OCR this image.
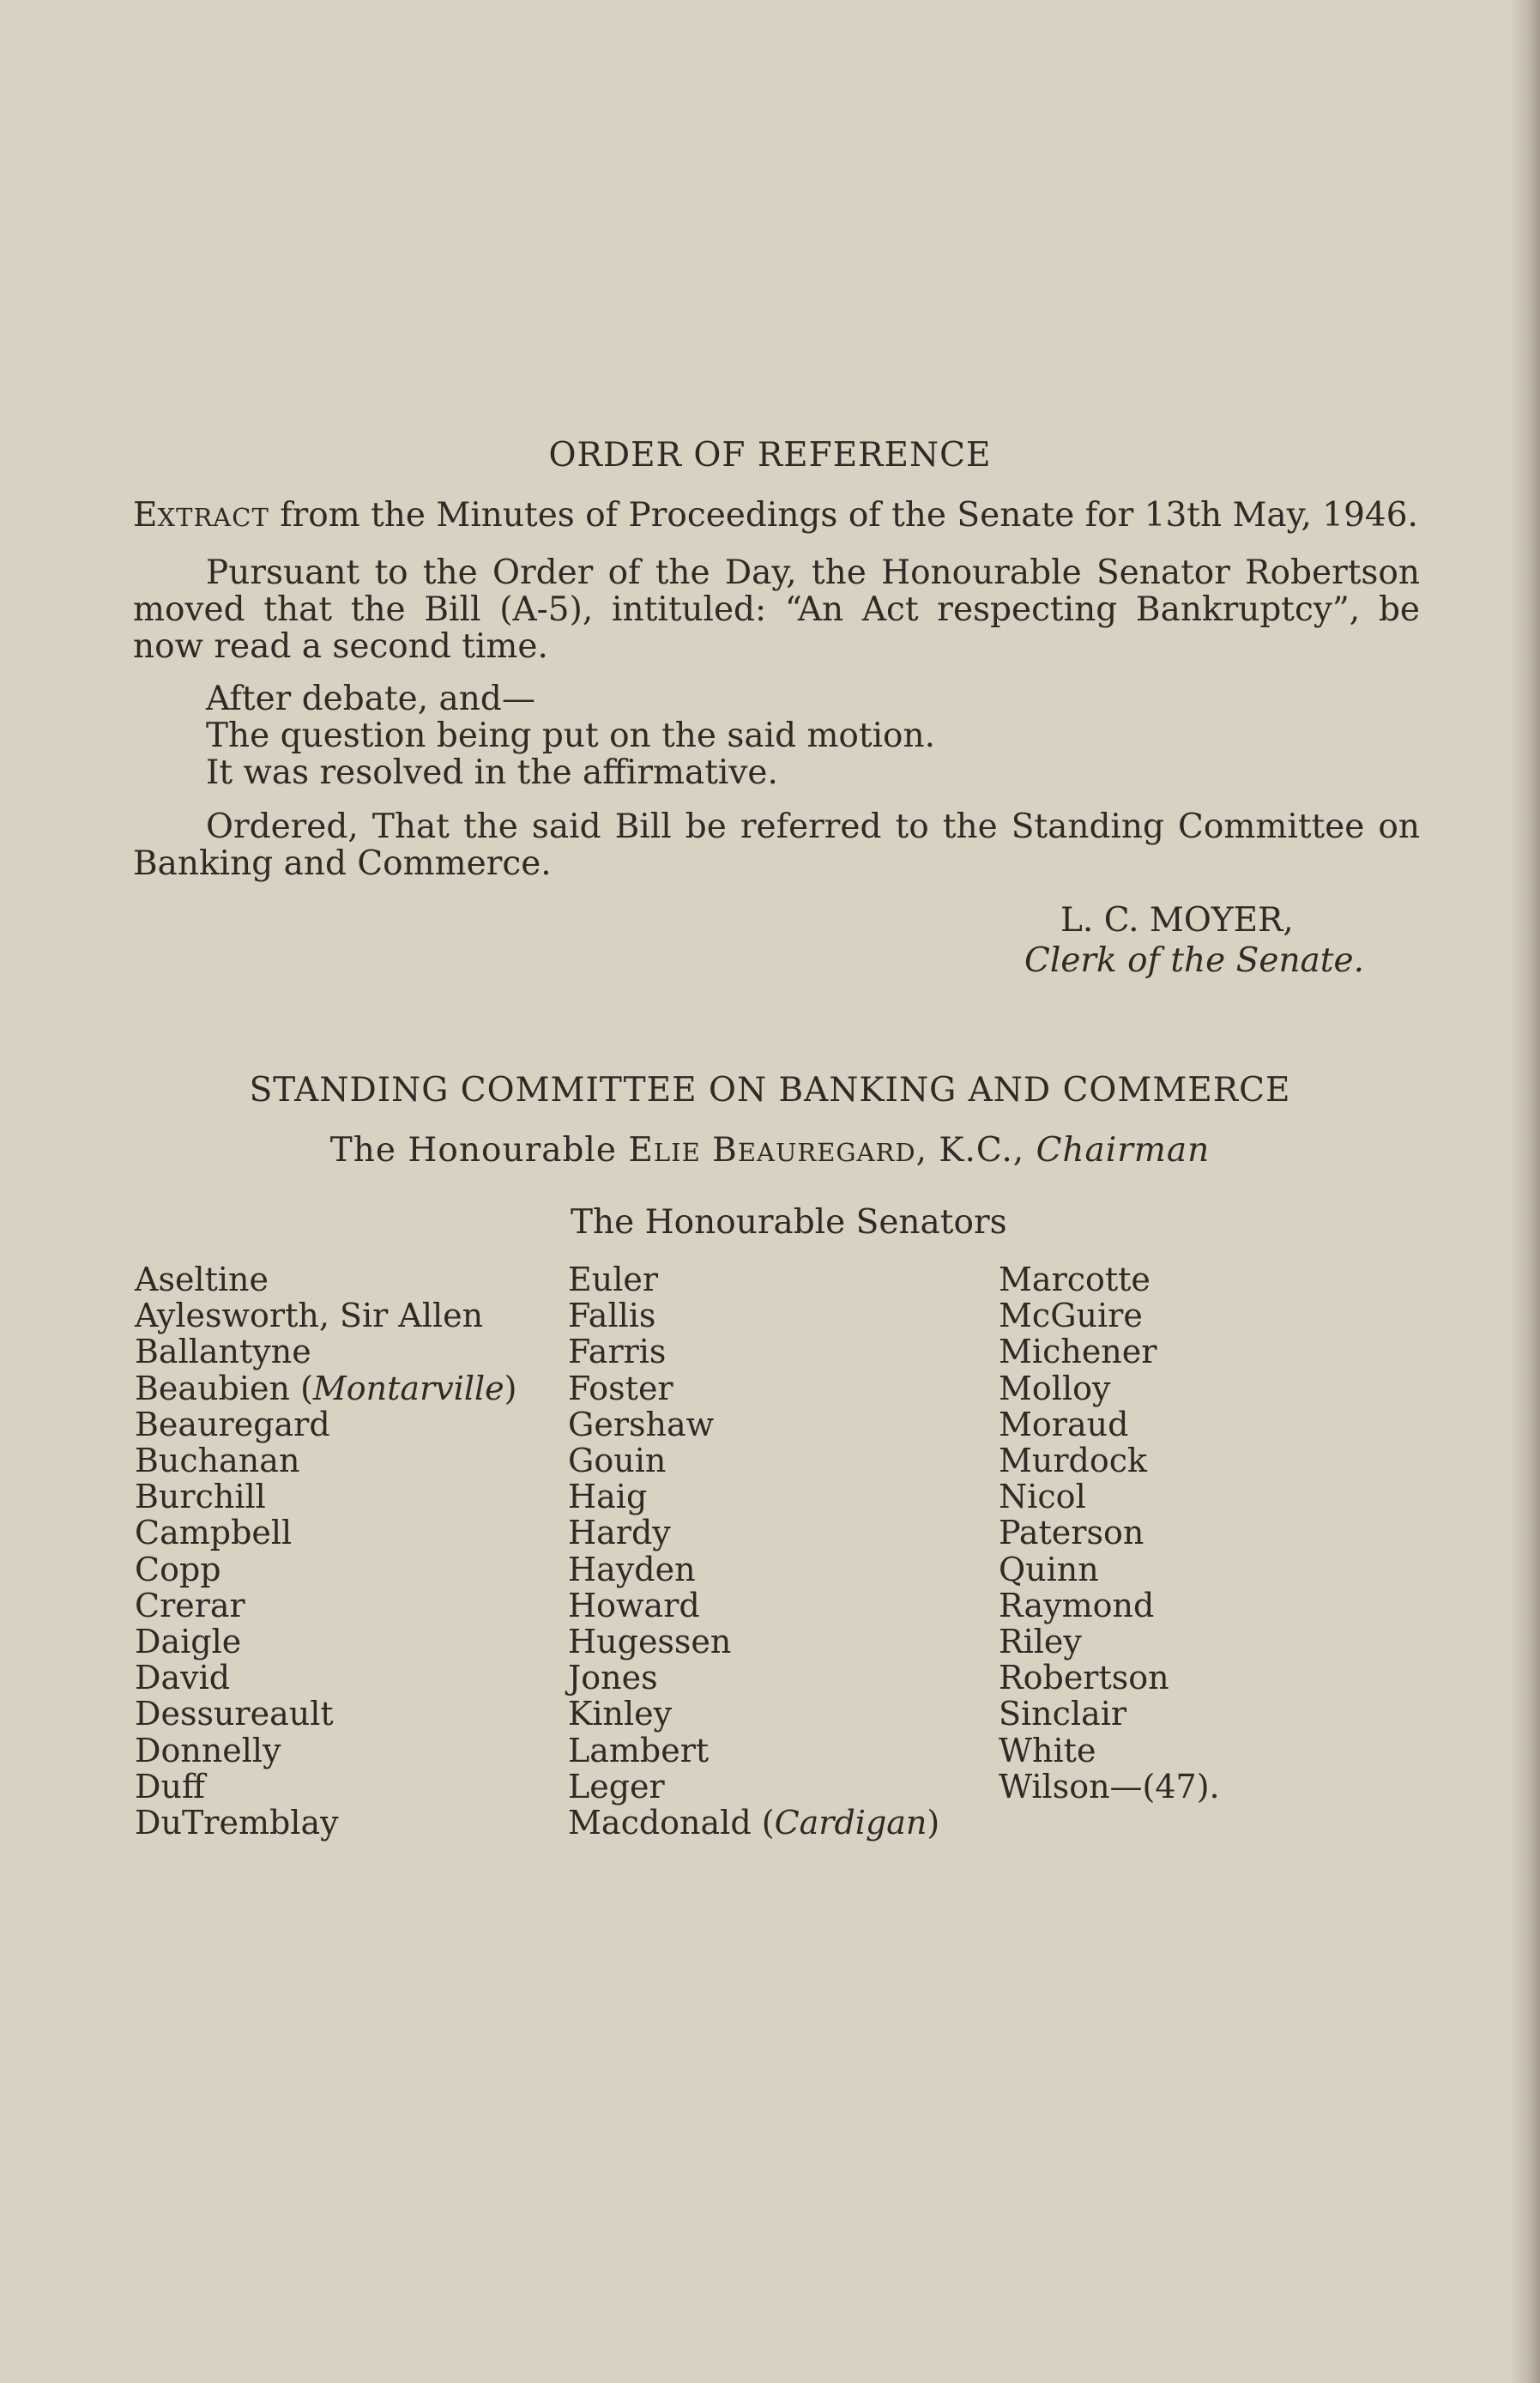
ORDER OF REFERENCE
EXTRACT from the Minutes of Proceedings of the Senate for 13th May, 1946.
Pursuant to the Order of the Day, the Honourable Senator Robertson moved that the Bill (A-5), intituled: “An Act respecting Bankruptcy”, be now read a second time.
After debate, and—
The question being put on the said motion.
It was resolved in the affirmative.
Ordered, That the said Bill be referred to the Standing Committee on Banking and Commerce.
L. C. MOYER,
Clerk of the Senate.
STANDING COMMITTEE ON BANKING AND COMMERCE
The Honourable ELIE BEAUREGARD, K.C., Chairman
The Honourable Senators
Aseltine
Aylesworth, Sir Allen
Ballantyne
Beaubien (Montarville)
Beauregard
Buchanan
Burchill
Campbell
Copp
Crerar
Daigle
David
Dessureault
Donnelly
Duff
DuTremblay
Euler
Fallis
Farris
Foster
Gershaw
Gouin
Haig
Hardy
Hayden
Howard
Hugessen
Jones
Kinley
Lambert
Leger
Macdonald (Cardigan)
Marcotte
McGuire
Michener
Molloy
Moraud
Murdock
Nicol
Paterson
Quinn
Raymond
Riley
Robertson
Sinclair
White
Wilson—(47).
